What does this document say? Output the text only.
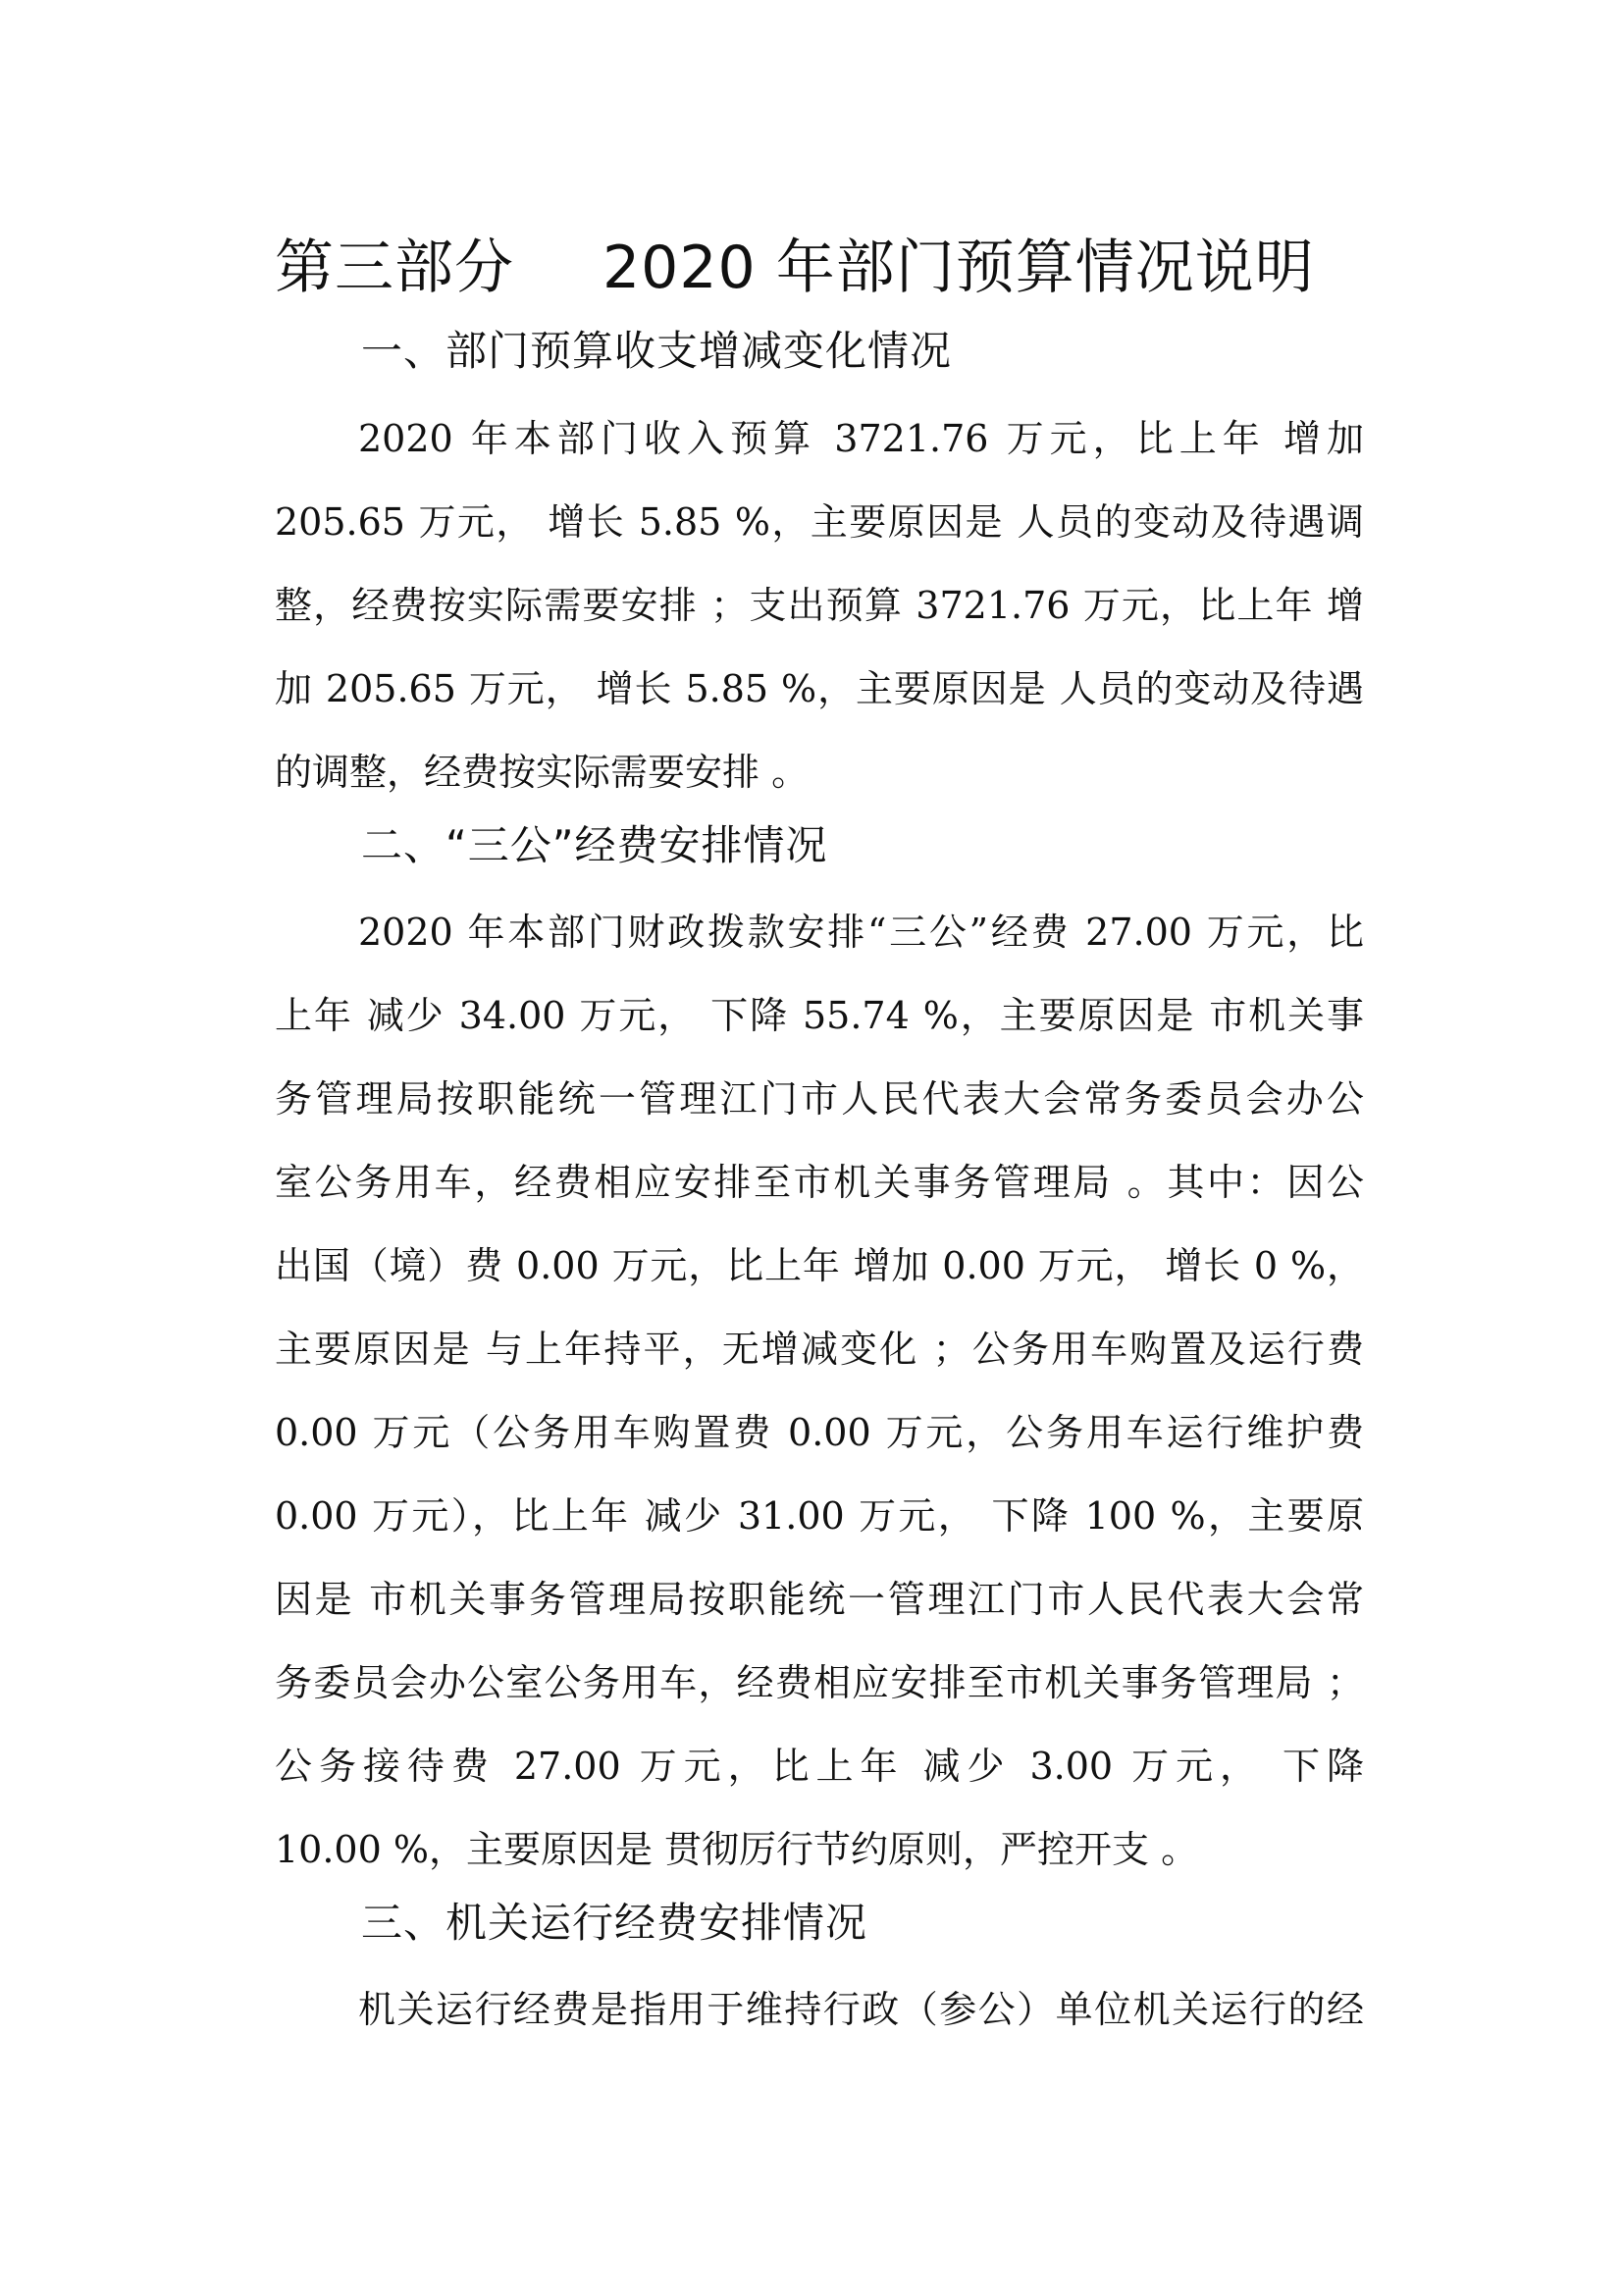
第三部分 2020 年部门预算情况说明
一、部门预算收支增减变化情况
2020 年本部门收入预算 3721.76 万元，比上年 增加
205.65 万元， 增长 5.85 %，主要原因是 人员的变动及待遇调
整，经费按实际需要安排 ；支出预算 3721.76 万元，比上年 增
加 205.65 万元， 增长 5.85 %，主要原因是 人员的变动及待遇
的调整，经费按实际需要安排 。
二、“三公”经费安排情况
2020 年本部门财政拨款安排“三公”经费 27.00 万元，比
上年 减少 34.00 万元， 下降 55.74 %，主要原因是 市机关事
务管理局按职能统一管理江门市人民代表大会常务委员会办公
室公务用车，经费相应安排至市机关事务管理局 。其中：因公
出国（境）费 0.00 万元，比上年 增加 0.00 万元， 增长 0 %，
主要原因是 与上年持平，无增减变化 ；公务用车购置及运行费
0.00 万元（公务用车购置费 0.00 万元，公务用车运行维护费
0.00 万元），比上年 减少 31.00 万元， 下降 100 %，主要原
因是 市机关事务管理局按职能统一管理江门市人民代表大会常
务委员会办公室公务用车，经费相应安排至市机关事务管理局 ；
公务接待费 27.00 万元，比上年 减少 3.00 万元， 下降
10.00 %，主要原因是 贯彻厉行节约原则，严控开支 。
三、机关运行经费安排情况
机关运行经费是指用于维持行政（参公）单位机关运行的经
